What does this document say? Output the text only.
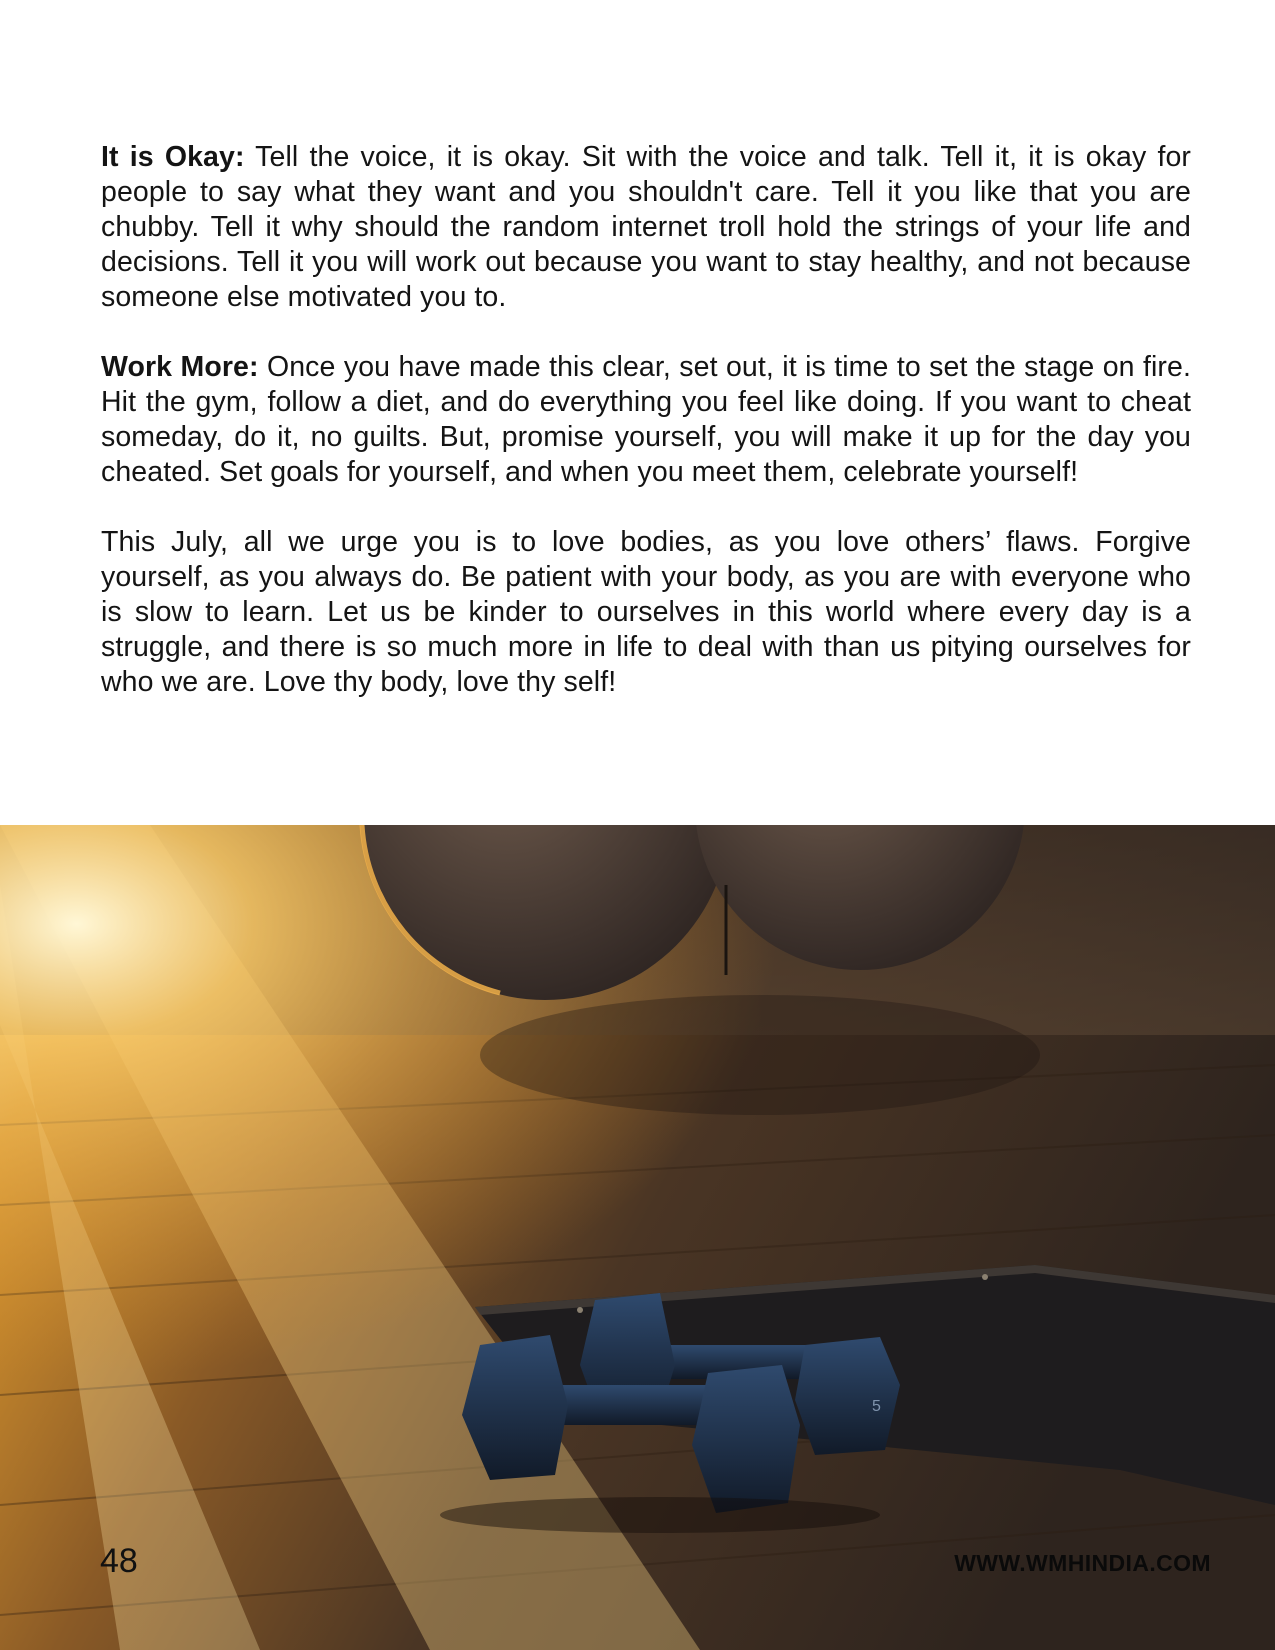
It is Okay: Tell the voice, it is okay. Sit with the voice and talk. Tell it, it is okay for people to say what they want and you shouldn't care. Tell it you like that you are chubby. Tell it why should the random internet troll hold the strings of your life and decisions. Tell it you will work out because you want to stay healthy, and not because someone else motivated you to.

Work More: Once you have made this clear, set out, it is time to set the stage on fire. Hit the gym, follow a diet, and do everything you feel like doing. If you want to cheat someday, do it, no guilts. But, promise yourself, you will make it up for the day you cheated. Set goals for yourself, and when you meet them, celebrate yourself!

This July, all we urge you is to love bodies, as you love others’ flaws. Forgive yourself, as you always do. Be patient with your body, as you are with everyone who is slow to learn. Let us be kinder to ourselves in this world where every day is a struggle, and there is so much more in life to deal with than us pitying ourselves for who we are. Love thy body, love thy self!

5
48	WWW.WMHINDIA.COM
